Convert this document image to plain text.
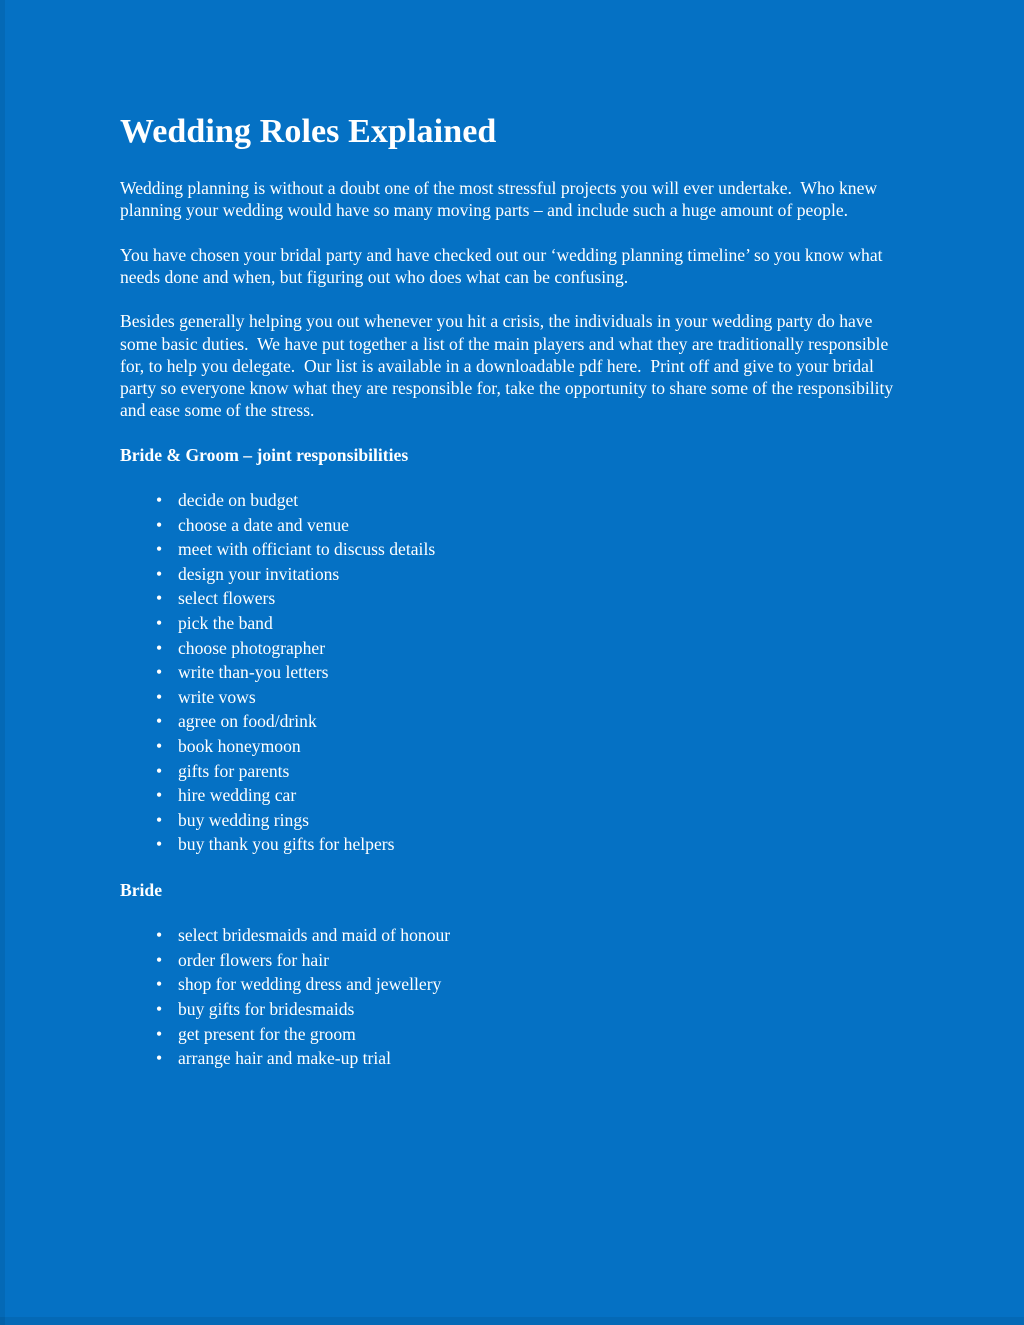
Wedding Roles Explained

Wedding planning is without a doubt one of the most stressful projects you will ever undertake.  Who knew planning your wedding would have so many moving parts – and include such a huge amount of people.

You have chosen your bridal party and have checked out our ‘wedding planning timeline’ so you know what needs done and when, but figuring out who does what can be confusing.

Besides generally helping you out whenever you hit a crisis, the individuals in your wedding party do have some basic duties.  We have put together a list of the main players and what they are traditionally responsible for, to help you delegate.  Our list is available in a downloadable pdf here.  Print off and give to your bridal party so everyone know what they are responsible for, take the opportunity to share some of the responsibility and ease some of the stress.

Bride & Groom – joint responsibilities
• decide on budget
• choose a date and venue
• meet with officiant to discuss details
• design your invitations
• select flowers
• pick the band
• choose photographer
• write than-you letters
• write vows
• agree on food/drink
• book honeymoon
• gifts for parents
• hire wedding car
• buy wedding rings
• buy thank you gifts for helpers
Bride
• select bridesmaids and maid of honour
• order flowers for hair
• shop for wedding dress and jewellery
• buy gifts for bridesmaids
• get present for the groom
• arrange hair and make-up trial
